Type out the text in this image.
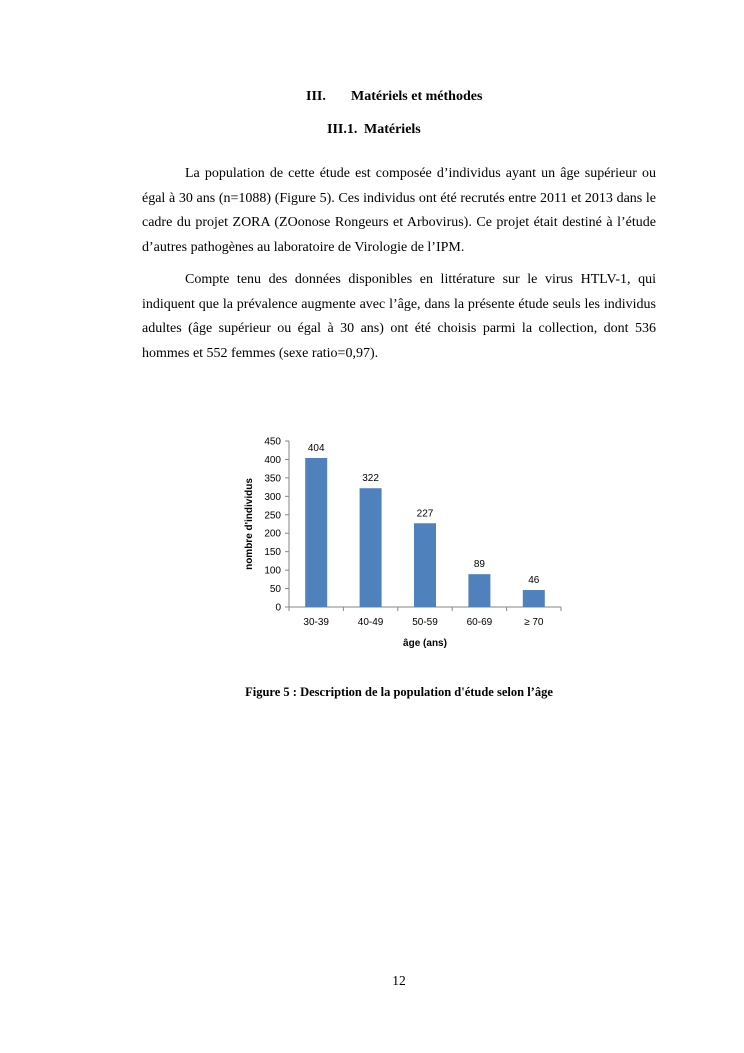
III. Matériels et méthodes
III.1. Matériels

La population de cette étude est composée d’individus ayant un âge supérieur ou égal à 30 ans (n=1088) (Figure 5). Ces individus ont été recrutés entre 2011 et 2013 dans le cadre du projet ZORA (ZOonose Rongeurs et Arbovirus). Ce projet était destiné à l’étude d’autres pathogènes au laboratoire de Virologie de l’IPM.

Compte tenu des données disponibles en littérature sur le virus HTLV-1, qui indiquent que la prévalence augmente avec l’âge, dans la présente étude seuls les individus adultes (âge supérieur ou égal à 30 ans) ont été choisis parmi la collection, dont 536 hommes et 552 femmes (sexe ratio=0,97).

0
50
100
150
200
250
300
350
400
450
404
30-39
322
40-49
227
50-59
89
60-69
46
≥ 70
âge (ans)
nombre d'individus
Figure 5 : Description de la population d'étude selon l’âge
12
